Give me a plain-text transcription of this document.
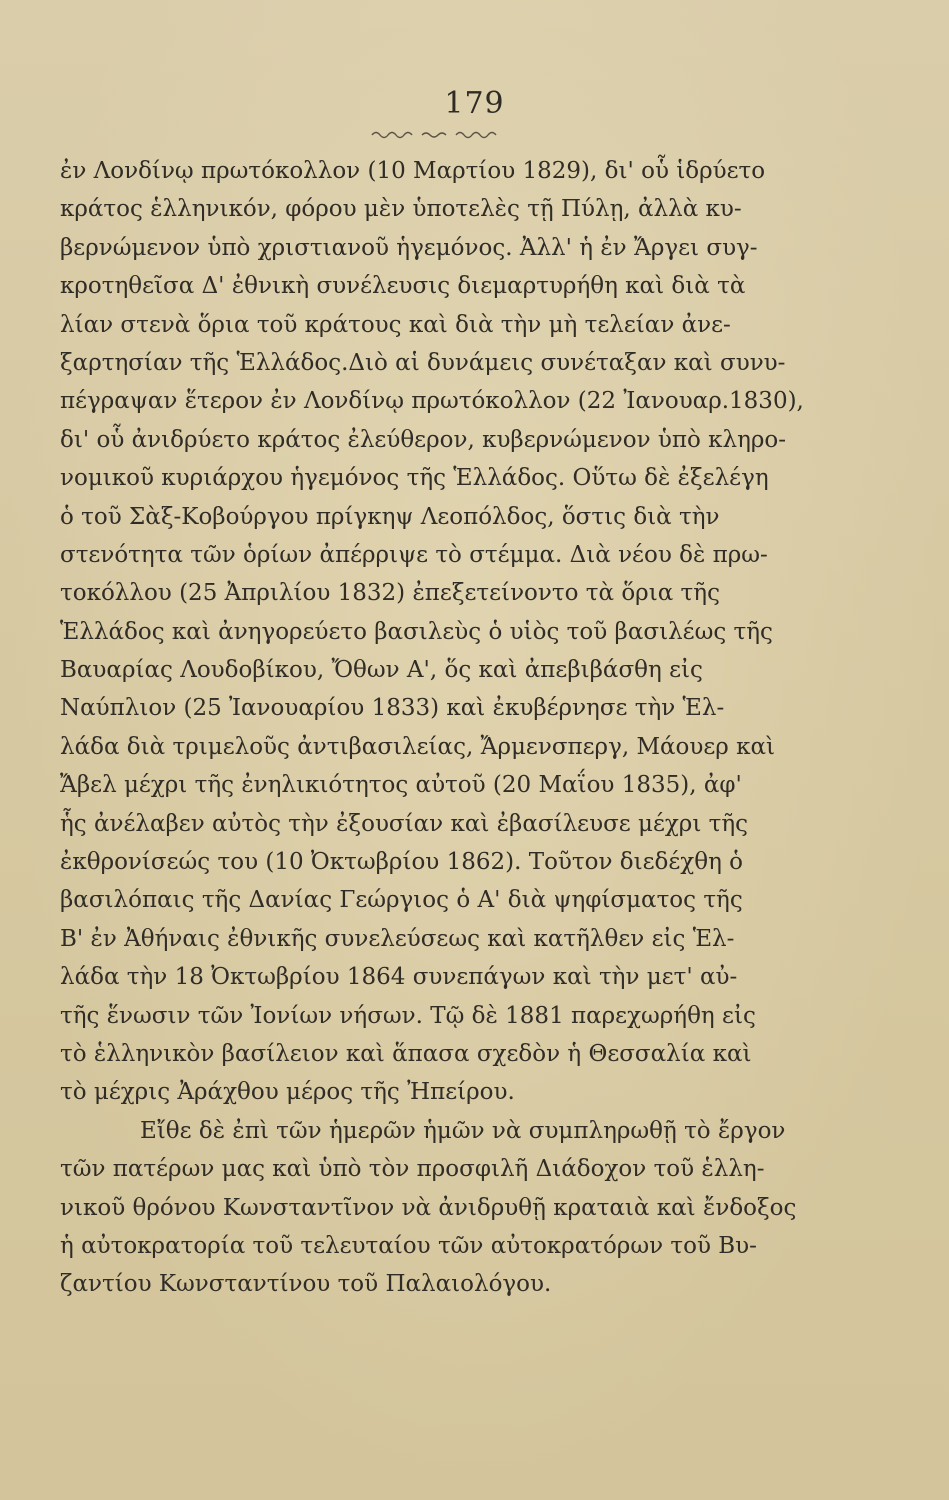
179
ἐν Λονδίνῳ πρωτόκολλον (10 Μαρτίου 1829), δι' οὗ ἱδρύετο
κράτος ἑλληνικόν, φόρου μὲν ὑποτελὲς τῇ Πύλῃ, ἀλλὰ κυ-
βερνώμενον ὑπὸ χριστιανοῦ ἡγεμόνος. Ἀλλ' ἡ ἐν Ἄργει συγ-
κροτηθεῖσα Δ' ἐθνικὴ συνέλευσις διεμαρτυρήθη καὶ διὰ τὰ
λίαν στενὰ ὅρια τοῦ κράτους καὶ διὰ τὴν μὴ τελείαν ἀνε-
ξαρτησίαν τῆς Ἑλλάδος.Διὸ αἱ δυνάμεις συνέταξαν καὶ συνυ-
πέγραψαν ἕτερον ἐν Λονδίνῳ πρωτόκολλον (22 Ἰανουαρ.1830),
δι' οὗ ἀνιδρύετο κράτος ἐλεύθερον, κυβερνώμενον ὑπὸ κληρο-
νομικοῦ κυριάρχου ἡγεμόνος τῆς Ἑλλάδος. Οὕτω δὲ ἐξελέγη
ὁ τοῦ Σὰξ-Κοβούργου πρίγκηψ Λεοπόλδος, ὅστις διὰ τὴν
στενότητα τῶν ὁρίων ἀπέρριψε τὸ στέμμα. Διὰ νέου δὲ πρω-
τοκόλλου (25 Ἀπριλίου 1832) ἐπεξετείνοντο τὰ ὅρια τῆς
Ἑλλάδος καὶ ἀνηγορεύετο βασιλεὺς ὁ υἱὸς τοῦ βασιλέως τῆς
Βαυαρίας Λουδοβίκου, Ὄθων Α', ὅς καὶ ἀπεβιβάσθη εἰς
Ναύπλιον (25 Ἰανουαρίου 1833) καὶ ἐκυβέρνησε τὴν Ἑλ-
λάδα διὰ τριμελοῦς ἀντιβασιλείας, Ἄρμενσπεργ, Μάουερ καὶ
Ἄβελ μέχρι τῆς ἐνηλικιότητος αὐτοῦ (20 Μαΐου 1835), ἀφ'
ἧς ἀνέλαβεν αὐτὸς τὴν ἐξουσίαν καὶ ἐβασίλευσε μέχρι τῆς
ἐκθρονίσεώς του (10 Ὀκτωβρίου 1862). Τοῦτον διεδέχθη ὁ
βασιλόπαις τῆς Δανίας Γεώργιος ὁ Α' διὰ ψηφίσματος τῆς
Β' ἐν Ἀθήναις ἐθνικῆς συνελεύσεως καὶ κατῆλθεν εἰς Ἑλ-
λάδα τὴν 18 Ὀκτωβρίου 1864 συνεπάγων καὶ τὴν μετ' αὐ-
τῆς ἕνωσιν τῶν Ἰονίων νήσων. Τῷ δὲ 1881 παρεχωρήθη εἰς
τὸ ἑλληνικὸν βασίλειον καὶ ἅπασα σχεδὸν ἡ Θεσσαλία καὶ
τὸ μέχρις Ἀράχθου μέρος τῆς Ἠπείρου.
Εἴθε δὲ ἐπὶ τῶν ἡμερῶν ἡμῶν νὰ συμπληρωθῇ τὸ ἔργον
τῶν πατέρων μας καὶ ὑπὸ τὸν προσφιλῆ Διάδοχον τοῦ ἑλλη-
νικοῦ θρόνου Κωνσταντῖνον νὰ ἀνιδρυθῇ κραταιὰ καὶ ἔνδοξος
ἡ αὐτοκρατορία τοῦ τελευταίου τῶν αὐτοκρατόρων τοῦ Βυ-
ζαντίου Κωνσταντίνου τοῦ Παλαιολόγου.
